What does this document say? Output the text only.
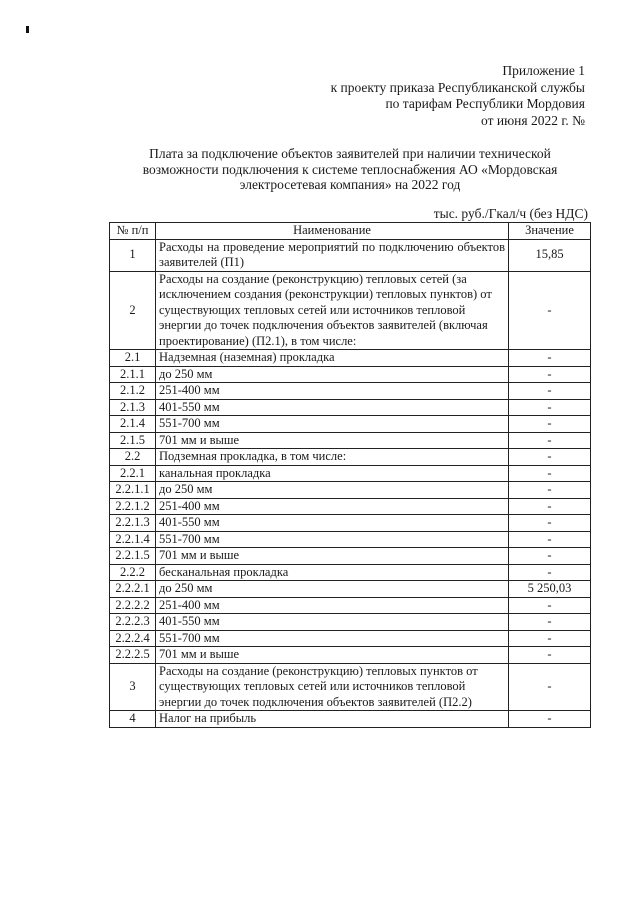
Приложение 1
к проекту приказа Республиканской службы
по тарифам Республики Мордовия
от июня 2022 г. №
Плата за подключение объектов заявителей при наличии технической
возможности подключения к системе теплоснабжения АО «Мордовская
электросетевая компания» на 2022 год
тыс. руб./Гкал/ч (без НДС)
№ п/п	Наименование	Значение
1	Расходы на проведение мероприятий по подключению объектов заявителей (П1)	15,85
2	Расходы на создание (реконструкцию) тепловых сетей (за исключением создания (реконструкции) тепловых пунктов) от существующих тепловых сетей или источников тепловой энергии до точек подключения объектов заявителей (включая проектирование) (П2.1), в том числе:	-
2.1	Надземная (наземная) прокладка	-
2.1.1	до 250 мм	-
2.1.2	251-400 мм	-
2.1.3	401-550 мм	-
2.1.4	551-700 мм	-
2.1.5	701 мм и выше	-
2.2	Подземная прокладка, в том числе:	-
2.2.1	канальная прокладка	-
2.2.1.1	до 250 мм	-
2.2.1.2	251-400 мм	-
2.2.1.3	401-550 мм	-
2.2.1.4	551-700 мм	-
2.2.1.5	701 мм и выше	-
2.2.2	бесканальная прокладка	-
2.2.2.1	до 250 мм	5 250,03
2.2.2.2	251-400 мм	-
2.2.2.3	401-550 мм	-
2.2.2.4	551-700 мм	-
2.2.2.5	701 мм и выше	-
3	Расходы на создание (реконструкцию) тепловых пунктов от существующих тепловых сетей или источников тепловой энергии до точек подключения объектов заявителей (П2.2)	-
4	Налог на прибыль	-
